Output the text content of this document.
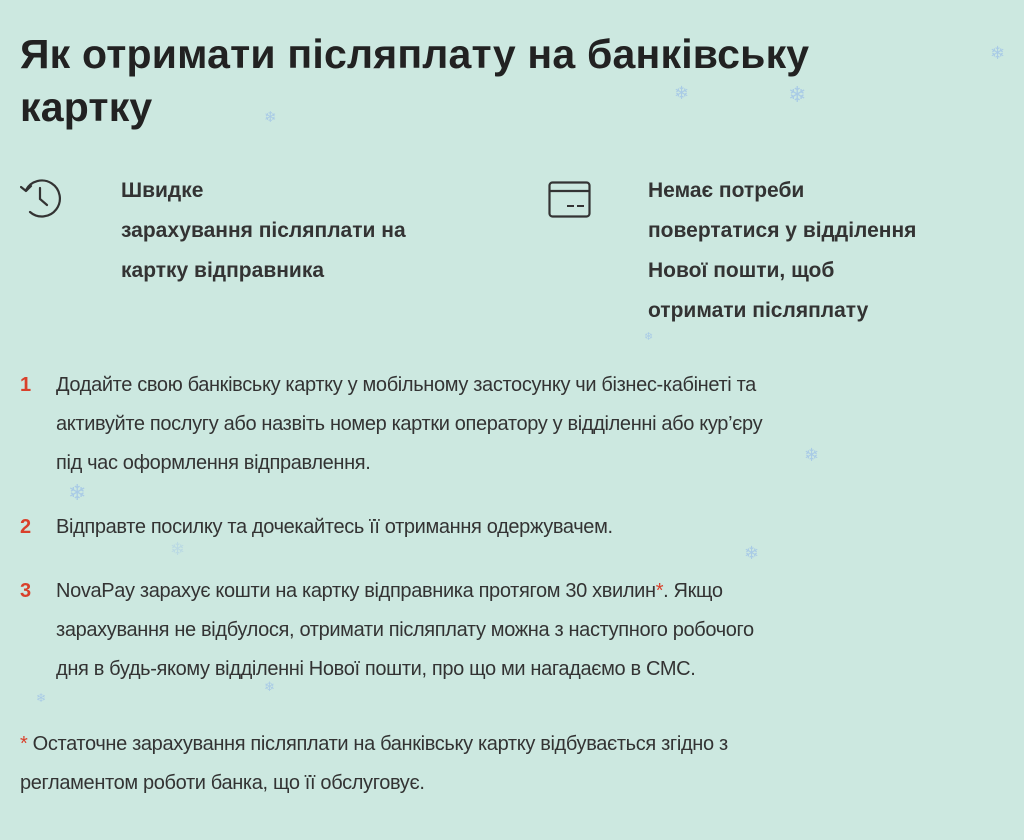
Як отримати післяплату на банківську
картку
Швидке
зарахування післяплати на
картку відправника
Немає потреби
повертатися у відділення
Нової пошти, щоб
отримати післяплату
1 Додайте свою банківську картку у мобільному застосунку чи бізнес-кабінеті та
активуйте послугу або назвіть номер картки оператору у відділенні або кур’єру
під час оформлення відправлення.
2 Відправте посилку та дочекайтесь її отримання одержувачем.
3 NovaPay зарахує кошти на картку відправника протягом 30 хвилин*. Якщо
зарахування не відбулося, отримати післяплату можна з наступного робочого
дня в будь-якому відділенні Нової пошти, про що ми нагадаємо в СМС.
* Остаточне зарахування післяплати на банківську картку відбувається згідно з
регламентом роботи банка, що її обслуговує.
❄
❄	❄
❄
❄
❄
❄
❄
❄
❄
❄
